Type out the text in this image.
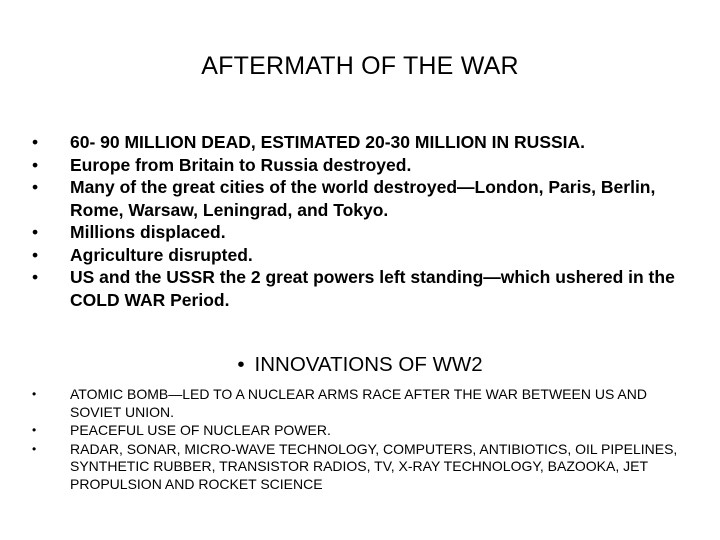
AFTERMATH OF THE WAR
• 60- 90 MILLION DEAD, ESTIMATED 20-30 MILLION IN RUSSIA.
• Europe from Britain to Russia destroyed.
• Many of the great cities of the world destroyed—London, Paris, Berlin, Rome, Warsaw, Leningrad, and Tokyo.
• Millions displaced.
• Agriculture disrupted.
• US and the USSR the 2 great powers left standing—which ushered in the COLD WAR Period.
• INNOVATIONS OF WW2
• ATOMIC BOMB—LED TO A NUCLEAR ARMS RACE AFTER THE WAR BETWEEN US AND SOVIET UNION.
• PEACEFUL USE OF NUCLEAR POWER.
• RADAR, SONAR, MICRO-WAVE TECHNOLOGY, COMPUTERS, ANTIBIOTICS, OIL PIPELINES, SYNTHETIC RUBBER, TRANSISTOR RADIOS, TV, X-RAY TECHNOLOGY, BAZOOKA, JET PROPULSION AND ROCKET SCIENCE
